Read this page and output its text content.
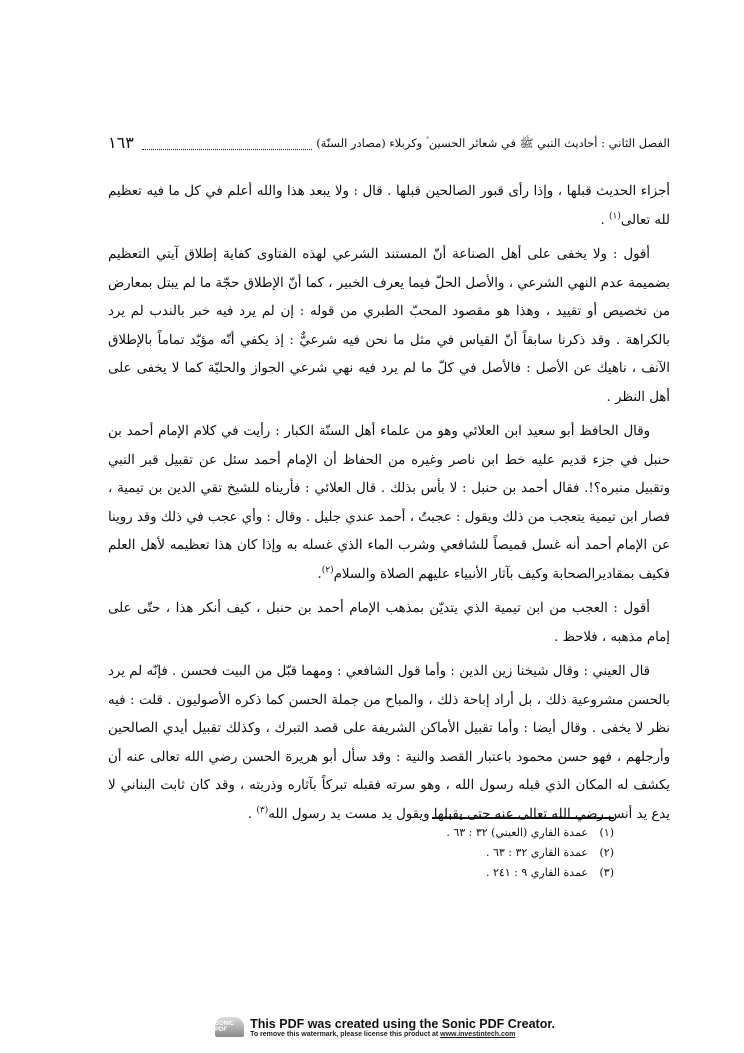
الفصل الثاني : أحاديث النبي ﷺ في شعائر الحسين ؑ وكربلاء (مصادر السنّة)
١٦٣

أجزاء الحديث قبلها ، وإذا رأى قبور الصالحين قبلها . قال : ولا يبعد هذا والله أعلم في كل ما فيه تعظيم لله تعالى$^{(١)}$ .

أقول : ولا يخفى على أهل الصناعة أنّ المستند الشرعي لهذه الفتاوى كفاية إطلاق آيتي التعظيم بضميمة عدم النهي الشرعي ، والأصل الحلّ فيما يعرف الخبير ، كما أنّ الإطلاق حجّة ما لم يبتل بمعارض من تخصيص أو تقييد ، وهذا هو مقصود المحبّ الطبري من قوله : إن لم يرد فيه خبر بالندب لم يرد بالكراهة . وقد ذكرنا سابقاً أنّ القياس في مثل ما نحن فيه شرعيٌّ : إذ يكفي أنّه مؤيّد تماماً بالإطلاق الآنف ، ناهيك عن الأصل : فالأصل في كلّ ما لم يرد فيه نهي شرعي الجواز والحليّة كما لا يخفى على أهل النظر .

وقال الحافظ أبو سعيد ابن العلائي وهو من علماء أهل السنّة الكبار : رأيت في كلام الإمام أحمد بن حنبل في جزء قديم عليه خط ابن ناصر وغيره من الحفاظ أن الإمام أحمد سئل عن تقبيل قبر النبي وتقبيل منبره؟!. فقال أحمد بن حنبل : لا بأس بذلك . قال العلائي : فأريناه للشيخ تقي الدين بن تيمية ، فصار ابن تيمية يتعجب من ذلك ويقول : عجبتُ ، أحمد عندي جليل . وقال : وأي عجب في ذلك وقد روينا عن الإمام أحمد أنه غسل قميصاً للشافعي وشرب الماء الذي غسله به وإذا كان هذا تعظيمه لأهل العلم فكيف بمقاديرالصحابة وكيف بآثار الأنبياء عليهم الصلاة والسلام$^{(٢)}$.

أقول : العجب من ابن تيمية الذي يتديّن بمذهب الإمام أحمد بن حنبل ، كيف أنكر هذا ، حتّى على إمام مذهبه ، فلاحظ .

قال العيني : وقال شيخنا زين الدين : وأما قول الشافعي : ومهما قبّل من البيت فحسن . فإنّه لم يرد بالحسن مشروعية ذلك ، بل أراد إباحة ذلك ، والمباح من جملة الحسن كما ذكره الأصوليون . قلت : فيه نظر لا يخفى . وقال أيضا : وأما تقبيل الأماكن الشريفة على قصد التبرك ، وكذلك تقبيل أيدي الصالحين وأرجلهم ، فهو حسن محمود باعتبار القصد والنية : وقد سأل أبو هريرة الحسن رضي الله تعالى عنه أن يكشف له المكان الذي قبله رسول الله ، وهو سرته فقبله تبركاً بآثاره وذريته ، وقد كان ثابت البناني لا يدع يد أنس رضي الله تعالى عنه حتى يقبلها ويقول يد مست يد رسول الله$^{(٣)}$ .

(١)
عمدة القاري (العيني) ٣٢ : ٦٣ .
(٢)
عمدة القاري ٣٢ : ٦٣ .
(٣)
عمدة القاري ٩ : ٢٤١ .
SONIC PDF	This PDF was created using the Sonic PDF Creator.
To remove this watermark, please license this product at www.investintech.com
